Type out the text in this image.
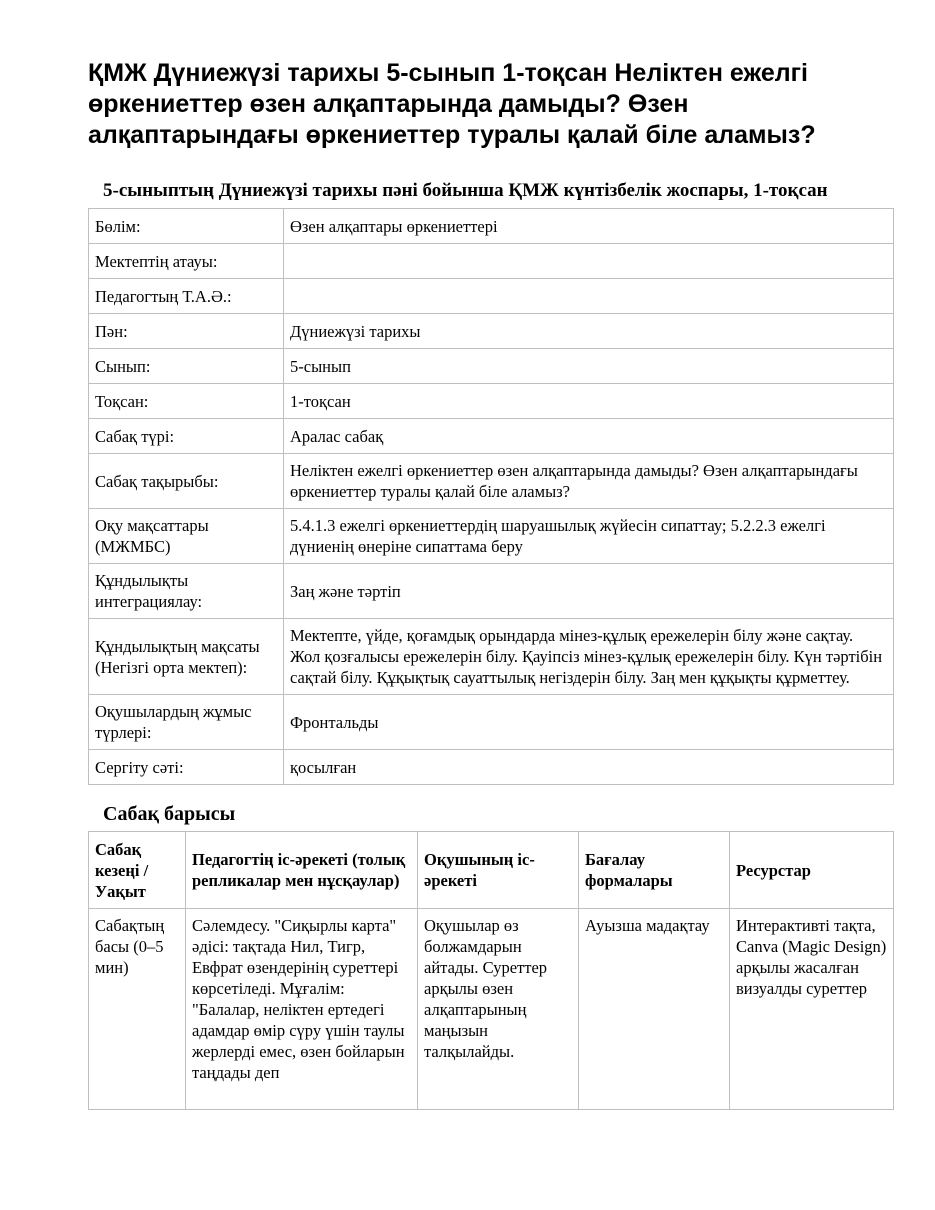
ҚМЖ Дүниежүзі тарихы 5-сынып 1-тоқсан Неліктен ежелгі өркениеттер өзен алқаптарында дамыды? Өзен алқаптарындағы өркениеттер туралы қалай біле аламыз?
5-сыныптың Дүниежүзі тарихы пәні бойынша ҚМЖ күнтізбелік жоспары, 1-тоқсан
Бөлім:	Өзен алқаптары өркениеттері
Мектептің атауы:	
Педагогтың Т.А.Ә.:	
Пән:	Дүниежүзі тарихы
Сынып:	5-сынып
Тоқсан:	1-тоқсан
Сабақ түрі:	Аралас сабақ
Сабақ тақырыбы:	Неліктен ежелгі өркениеттер өзен алқаптарында дамыды? Өзен алқаптарындағы өркениеттер туралы қалай біле аламыз?
Оқу мақсаттары (МЖМБС)	5.4.1.3 ежелгі өркениеттердің шаруашылық жүйесін сипаттау; 5.2.2.3 ежелгі дүниенің өнеріне сипаттама беру
Құндылықты интеграциялау:	Заң және тәртіп
Құндылықтың мақсаты (Негізгі орта мектеп):	Мектепте, үйде, қоғамдық орындарда мінез-құлық ережелерін білу және сақтау. Жол қозғалысы ережелерін білу. Қауіпсіз мінез-құлық ережелерін білу. Күн тәртібін сақтай білу. Құқықтық сауаттылық негіздерін білу. Заң мен құқықты құрметтеу.
Оқушылардың жұмыс түрлері:	Фронтальды
Сергіту сәті:	қосылған
Сабақ барысы
Сабақ кезеңі / Уақыт	Педагогтің іс-әрекеті (толық репликалар мен нұсқаулар)	Оқушының іс-әрекеті	Бағалау формалары	Ресурстар
Сабақтың басы (0–5 мин)	Сәлемдесу. "Сиқырлы карта" әдісі: тақтада Нил, Тигр, Евфрат өзендерінің суреттері көрсетіледі. Мұғалім: "Балалар, неліктен ертедегі адамдар өмір сүру үшін таулы жерлерді емес, өзен бойларын таңдады деп	Оқушылар өз болжамдарын айтады. Суреттер арқылы өзен алқаптарының маңызын талқылайды.	Ауызша мадақтау	Интерактивті тақта, Canva (Magic Design) арқылы жасалған визуалды суреттер
